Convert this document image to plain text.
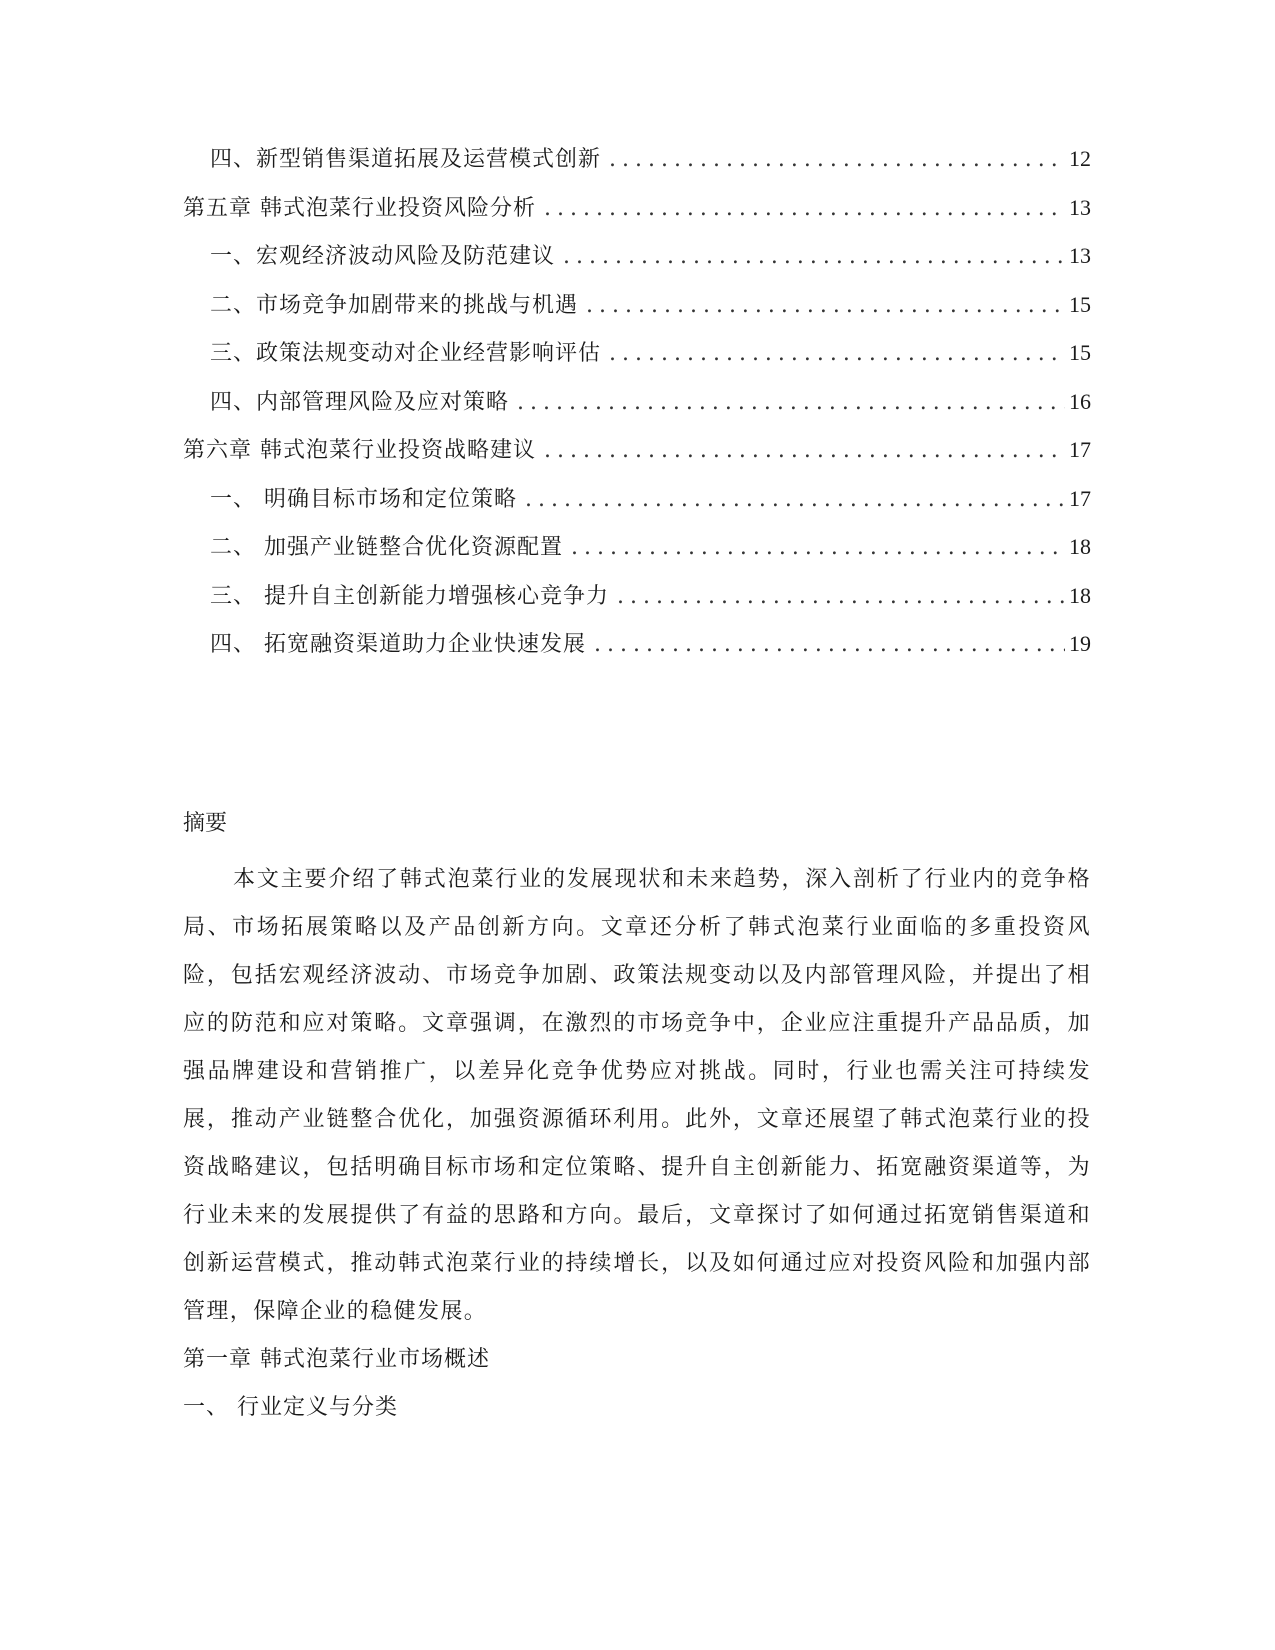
四、新型销售渠道拓展及运营模式创新 .....	12
第五章 韩式泡菜行业投资风险分析 .....	13
一、宏观经济波动风险及防范建议 .....	13
二、市场竞争加剧带来的挑战与机遇 .....	15
三、政策法规变动对企业经营影响评估 .....	15
四、内部管理风险及应对策略 .....	16
第六章 韩式泡菜行业投资战略建议 .....	17
一、 明确目标市场和定位策略 .....	17
二、 加强产业链整合优化资源配置 .....	18
三、 提升自主创新能力增强核心竞争力 .....	18
四、 拓宽融资渠道助力企业快速发展 .....	19
摘要

本文主要介绍了韩式泡菜行业的发展现状和未来趋势，深入剖析了行业内的竞争格局、市场拓展策略以及产品创新方向。文章还分析了韩式泡菜行业面临的多重投资风险，包括宏观经济波动、市场竞争加剧、政策法规变动以及内部管理风险，并提出了相应的防范和应对策略。文章强调，在激烈的市场竞争中，企业应注重提升产品品质，加强品牌建设和营销推广，以差异化竞争优势应对挑战。同时，行业也需关注可持续发展，推动产业链整合优化，加强资源循环利用。此外，文章还展望了韩式泡菜行业的投资战略建议，包括明确目标市场和定位策略、提升自主创新能力、拓宽融资渠道等，为行业未来的发展提供了有益的思路和方向。最后，文章探讨了如何通过拓宽销售渠道和创新运营模式，推动韩式泡菜行业的持续增长，以及如何通过应对投资风险和加强内部管理，保障企业的稳健发展。

第一章 韩式泡菜行业市场概述
一、 行业定义与分类
